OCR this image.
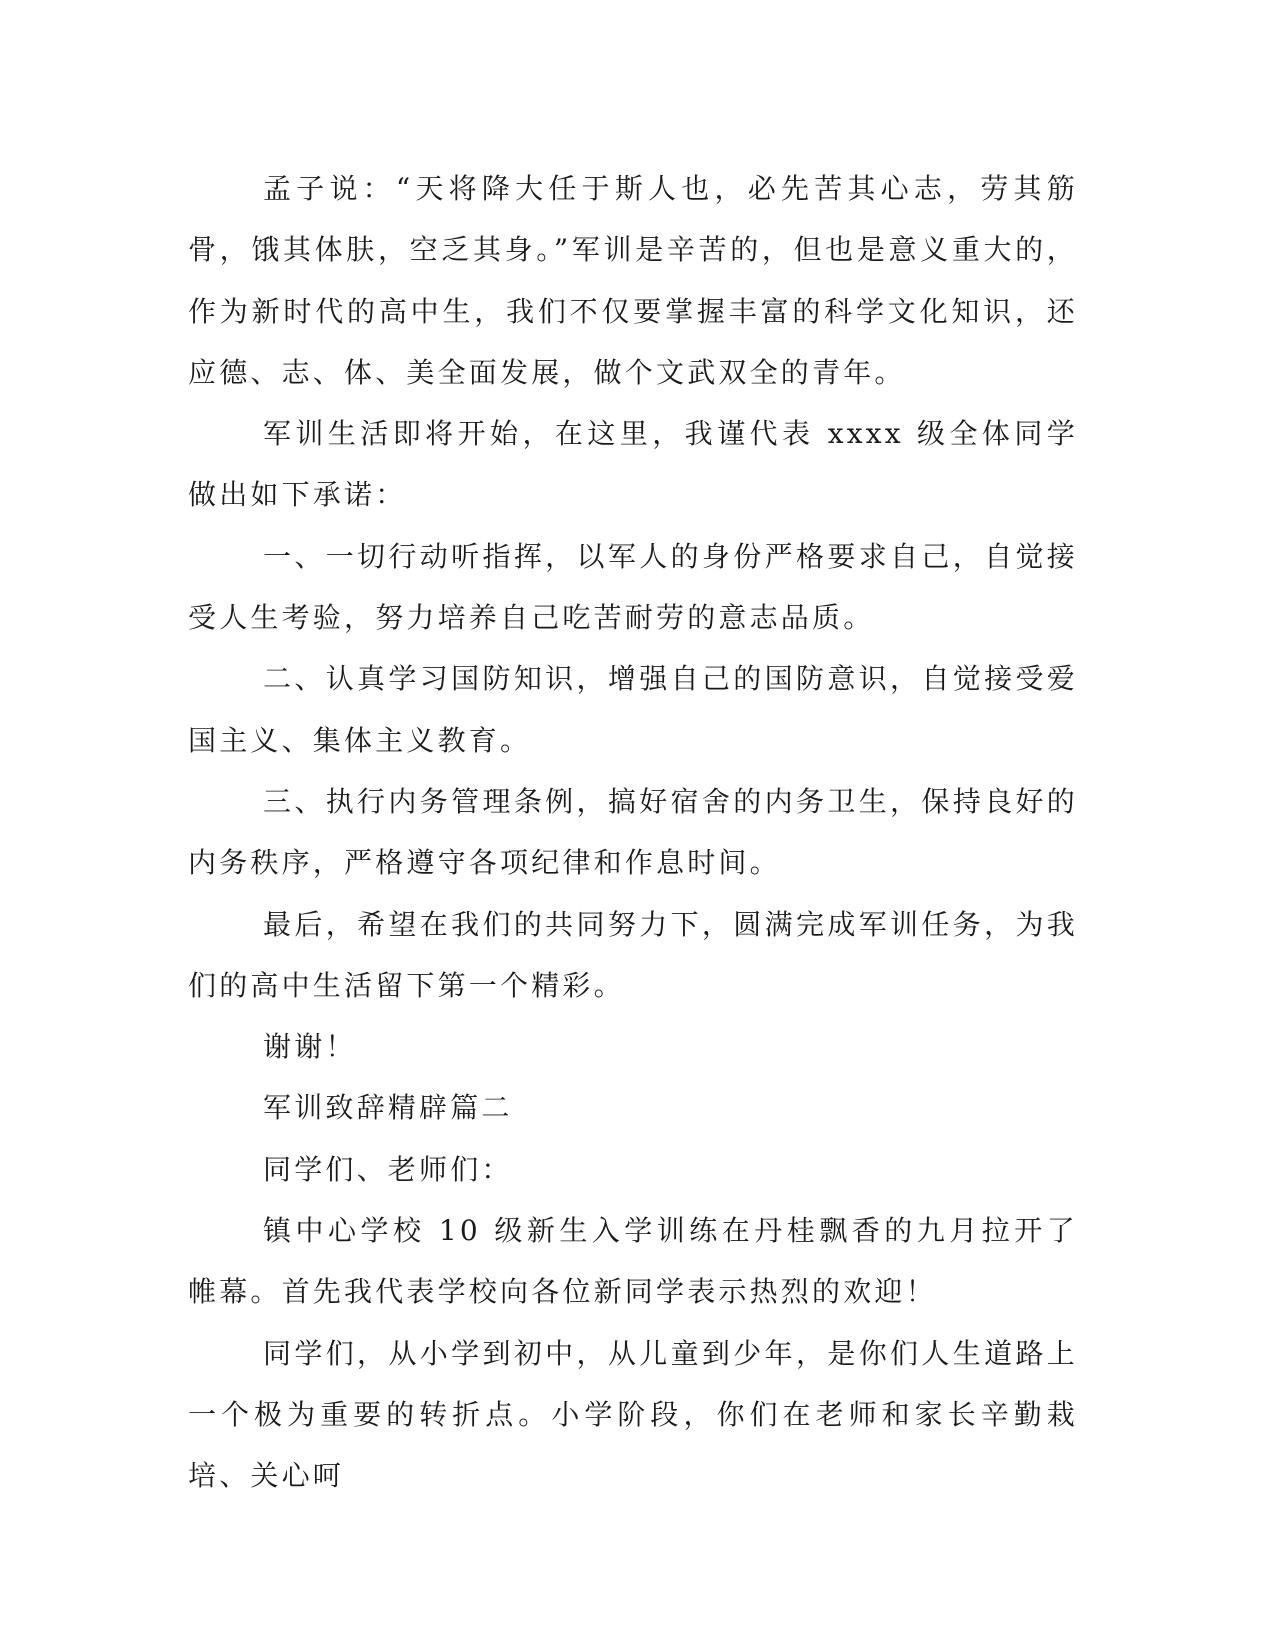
孟子说：“天将降大任于斯人也，必先苦其心志，劳其筋骨，饿其体肤，空乏其身。”军训是辛苦的，但也是意义重大的，作为新时代的高中生，我们不仅要掌握丰富的科学文化知识，还应德、志、体、美全面发展，做个文武双全的青年。

军训生活即将开始，在这里，我谨代表 xxxx 级全体同学做出如下承诺：

一、一切行动听指挥，以军人的身份严格要求自己，自觉接受人生考验，努力培养自己吃苦耐劳的意志品质。

二、认真学习国防知识，增强自己的国防意识，自觉接受爱国主义、集体主义教育。

三、执行内务管理条例，搞好宿舍的内务卫生，保持良好的内务秩序，严格遵守各项纪律和作息时间。

最后，希望在我们的共同努力下，圆满完成军训任务，为我们的高中生活留下第一个精彩。

谢谢！

军训致辞精辟篇二

同学们、老师们：

镇中心学校 10 级新生入学训练在丹桂飘香的九月拉开了帷幕。首先我代表学校向各位新同学表示热烈的欢迎！

同学们，从小学到初中，从儿童到少年，是你们人生道路上一个极为重要的转折点。小学阶段，你们在老师和家长辛勤栽培、关心呵
